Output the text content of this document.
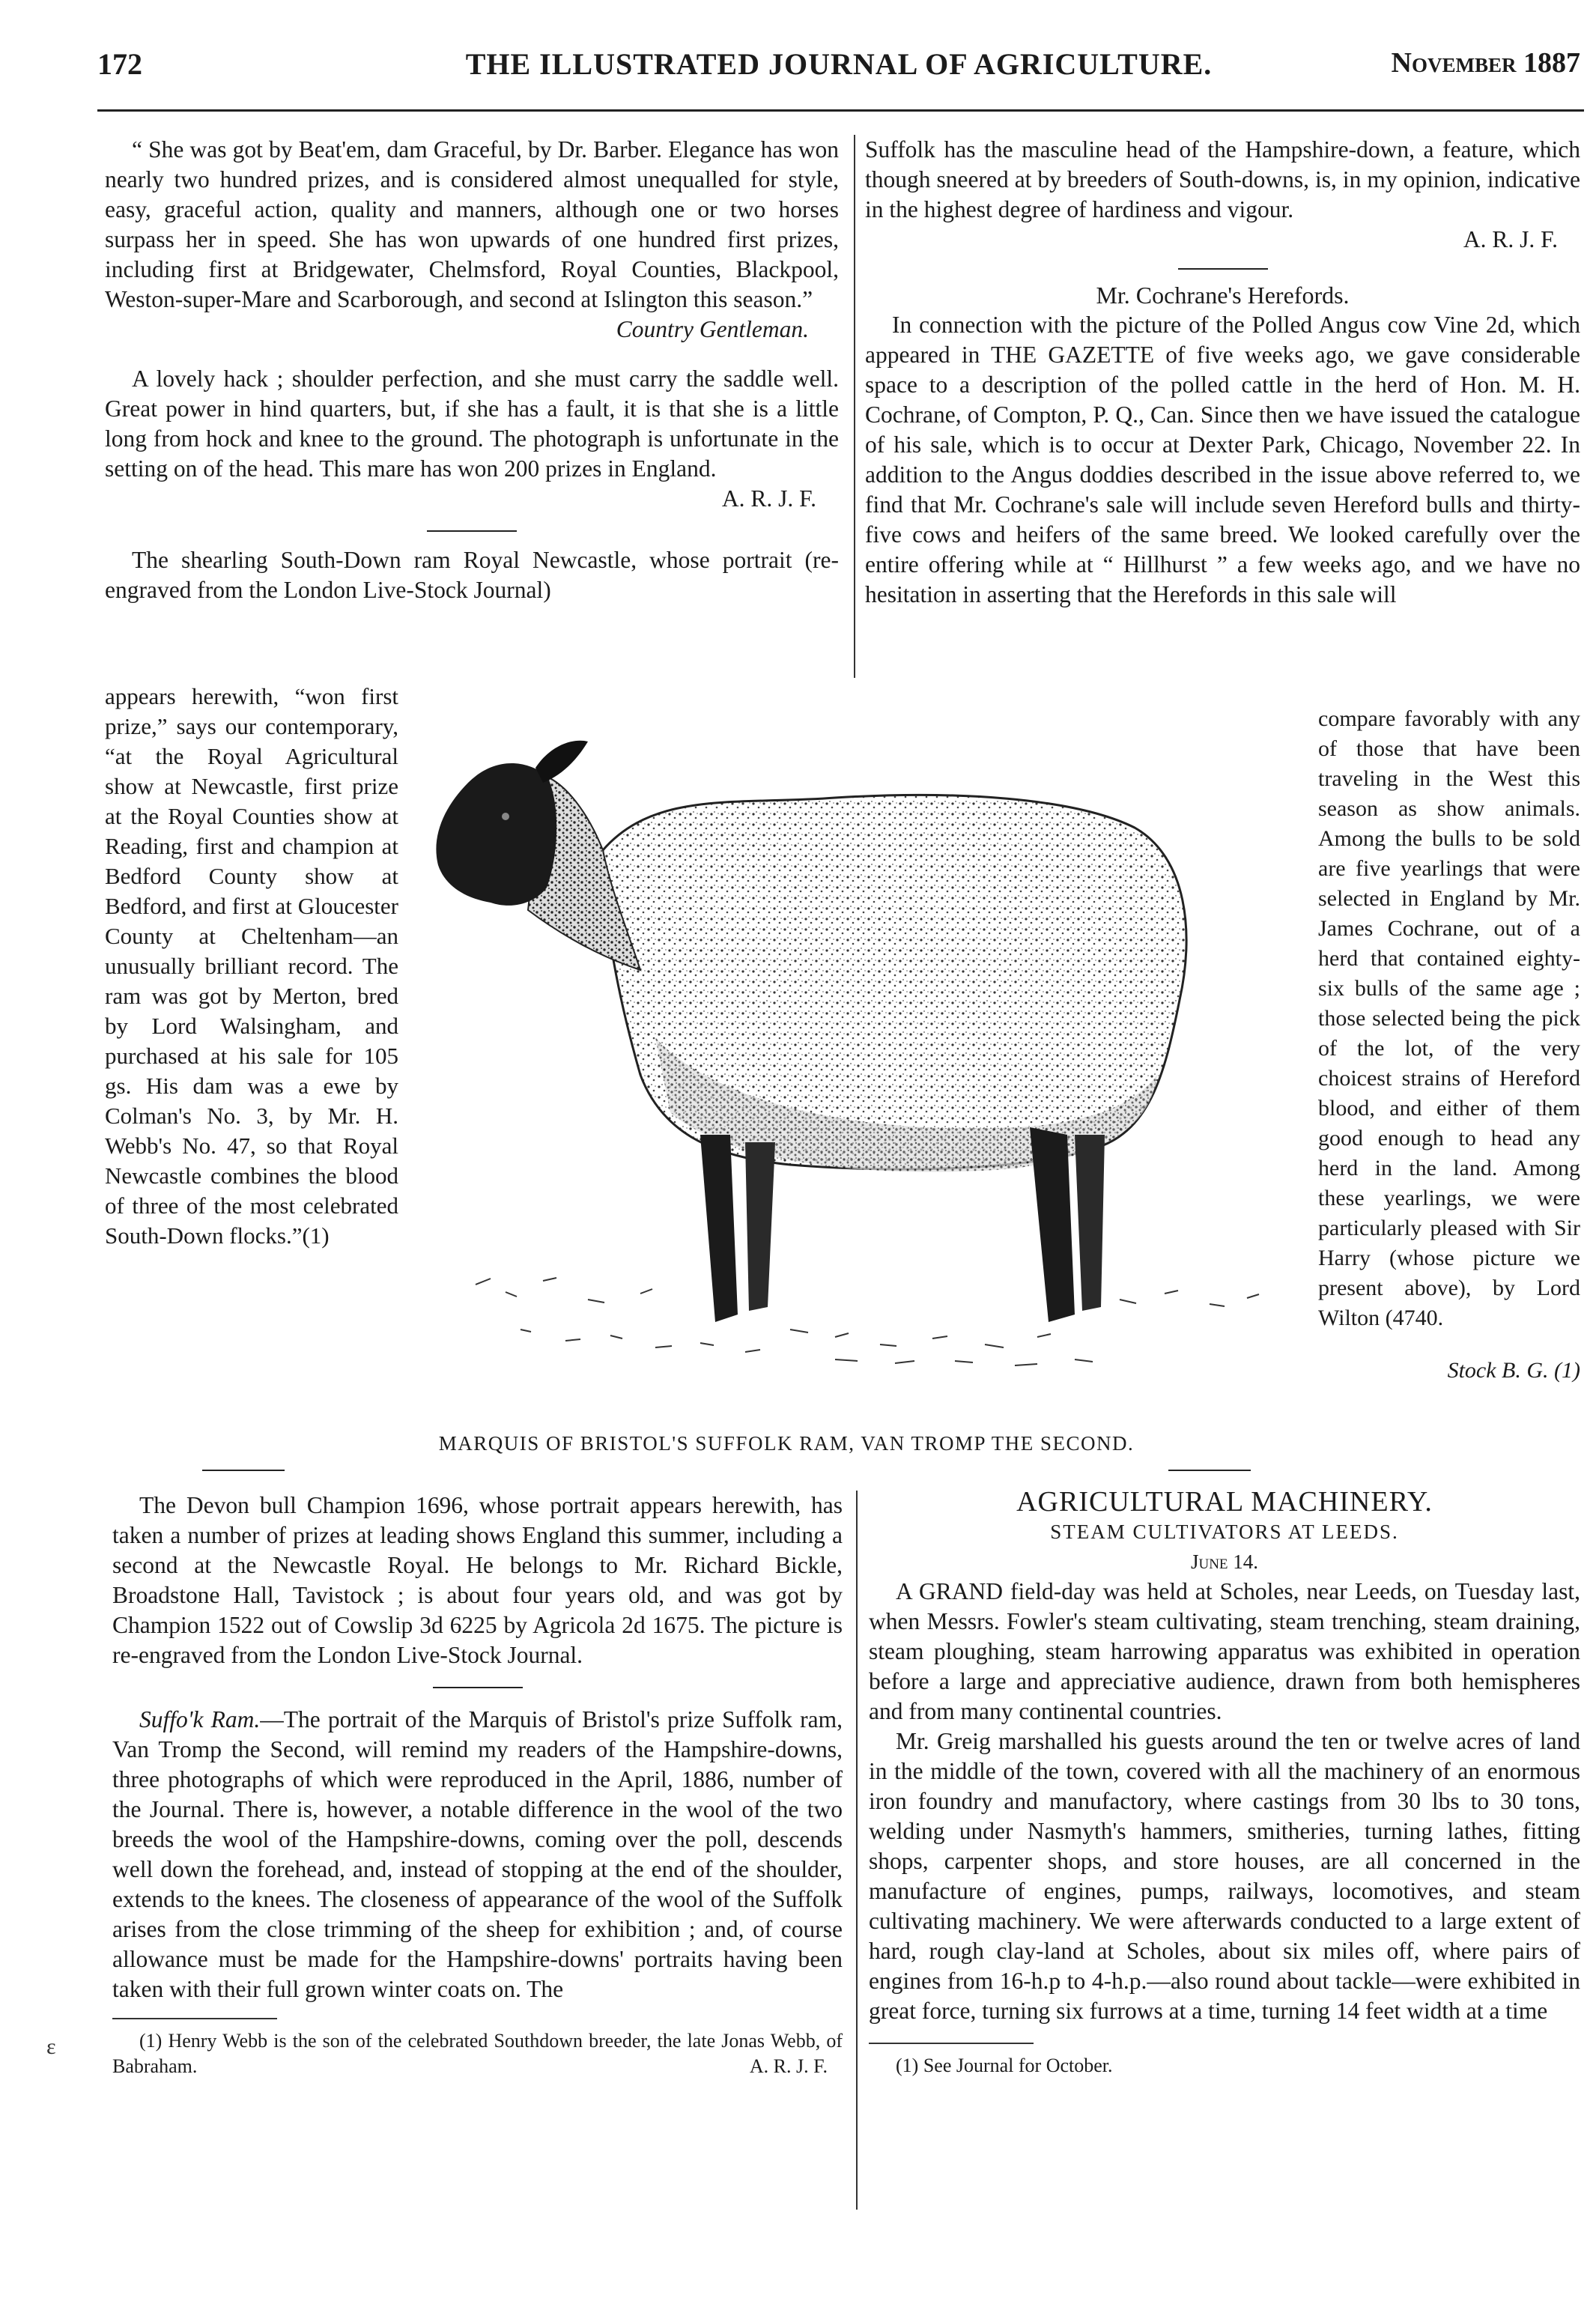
172	THE ILLUSTRATED JOURNAL OF AGRICULTURE.	November 1887

“ She was got by Beat'em, dam Graceful, by Dr. Barber. Elegance has won nearly two hundred prizes, and is considered almost unequalled for style, easy, graceful action, quality and manners, although one or two horses surpass her in speed. She has won upwards of one hundred first prizes, including first at Bridgewater, Chelmsford, Royal Counties, Blackpool, Weston-super-Mare and Scarborough, and second at Islington this season.”

Country Gentleman.

A lovely hack ; shoulder perfection, and she must carry the saddle well. Great power in hind quarters, but, if she has a fault, it is that she is a little long from hock and knee to the ground. The photograph is unfortunate in the setting on of the head. This mare has won 200 prizes in England.

A. R. J. F.

The shearling South-Down ram Royal Newcastle, whose portrait (re-engraved from the London Live-Stock Journal)

appears herewith, “won first prize,” says our contemporary, “at the Royal Agricultural show at Newcastle, first prize at the Royal Counties show at Reading, first and champion at Bedford County show at Bedford, and first at Gloucester County at Cheltenham—an unusually brilliant record. The ram was got by Merton, bred by Lord Walsingham, and purchased at his sale for 105 gs. His dam was a ewe by Colman's No. 3, by Mr. H. Webb's No. 47, so that Royal Newcastle combines the blood of three of the most celebrated South-Down flocks.”(1)

Suffolk has the masculine head of the Hampshire-down, a feature, which though sneered at by breeders of South-downs, is, in my opinion, indicative in the highest degree of hardiness and vigour.

A. R. J. F.

Mr. Cochrane's Herefords.

In connection with the picture of the Polled Angus cow Vine 2d, which appeared in THE GAZETTE of five weeks ago, we gave considerable space to a description of the polled cattle in the herd of Hon. M. H. Cochrane, of Compton, P. Q., Can. Since then we have issued the catalogue of his sale, which is to occur at Dexter Park, Chicago, November 22. In addition to the Angus doddies described in the issue above referred to, we find that Mr. Cochrane's sale will include seven Hereford bulls and thirty-five cows and heifers of the same breed. We looked carefully over the entire offering while at “ Hillhurst ” a few weeks ago, and we have no hesitation in asserting that the Herefords in this sale will

compare favorably with any of those that have been traveling in the West this season as show animals. Among the bulls to be sold are five yearlings that were selected in England by Mr. James Cochrane, out of a herd that contained eighty-six bulls of the same age ; those selected being the pick of the lot, of the very choicest strains of Hereford blood, and either of them good enough to head any herd in the land. Among these yearlings, we were particularly pleased with Sir Harry (whose picture we present above), by Lord Wilton (4740.

Stock B. G. (1)

MARQUIS OF BRISTOL'S SUFFOLK RAM, VAN TROMP THE SECOND.

The Devon bull Champion 1696, whose portrait appears herewith, has taken a number of prizes at leading shows England this summer, including a second at the Newcastle Royal. He belongs to Mr. Richard Bickle, Broadstone Hall, Tavistock ; is about four years old, and was got by Champion 1522 out of Cowslip 3d 6225 by Agricola 2d 1675. The picture is re-engraved from the London Live-Stock Journal.

Suffo'k Ram.—The portrait of the Marquis of Bristol's prize Suffolk ram, Van Tromp the Second, will remind my readers of the Hampshire-downs, three photographs of which were reproduced in the April, 1886, number of the Journal. There is, however, a notable difference in the wool of the two breeds the wool of the Hampshire-downs, coming over the poll, descends well down the forehead, and, instead of stopping at the end of the shoulder, extends to the knees. The closeness of appearance of the wool of the Suffolk arises from the close trimming of the sheep for exhibition ; and, of course allowance must be made for the Hampshire-downs' portraits having been taken with their full grown winter coats on. The

(1) Henry Webb is the son of the celebrated Southdown breeder, the late Jonas Webb, of Babraham.	A. R. J. F.

AGRICULTURAL MACHINERY.

STEAM CULTIVATORS AT LEEDS.

June 14.

A GRAND field-day was held at Scholes, near Leeds, on Tuesday last, when Messrs. Fowler's steam cultivating, steam trenching, steam draining, steam ploughing, steam harrowing apparatus was exhibited in operation before a large and appreciative audience, drawn from both hemispheres and from many continental countries.

Mr. Greig marshalled his guests around the ten or twelve acres of land in the middle of the town, covered with all the machinery of an enormous iron foundry and manufactory, where castings from 30 lbs to 30 tons, welding under Nasmyth's hammers, smitheries, turning lathes, fitting shops, carpenter shops, and store houses, are all concerned in the manufacture of engines, pumps, railways, locomotives, and steam cultivating machinery. We were afterwards conducted to a large extent of hard, rough clay-land at Scholes, about six miles off, where pairs of engines from 16-h.p to 4-h.p.—also round about tackle—were exhibited in great force, turning six furrows at a time, turning 14 feet width at a time

(1) See Journal for October.

ɛ
